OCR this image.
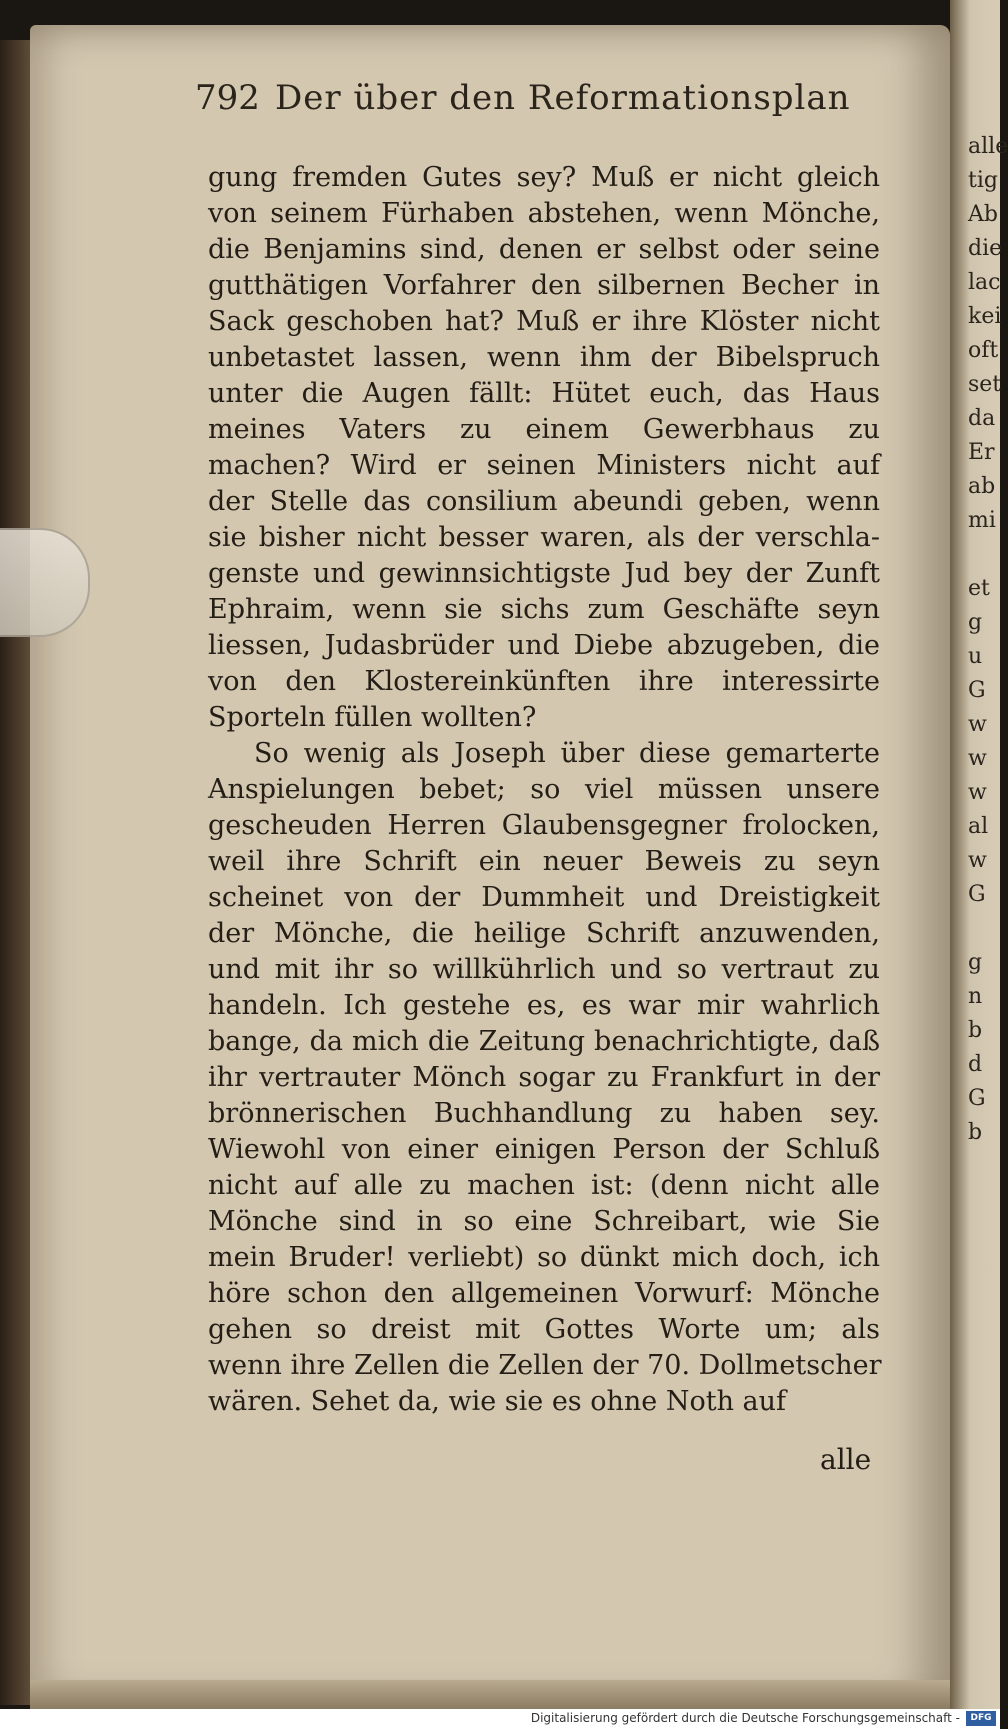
alle
tig
Ab
die
lac
kei
oft
set
da
Er
ab
mi

et
g
u
G
w
w
w
al
w
G

g
n
b
d
G
b
792 Der über den Reformationsplan
gung fremden Gutes sey? Muß er nicht gleich
von seinem Fürhaben abstehen, wenn Mönche,
die Benjamins sind, denen er selbst oder seine
gutthätigen Vorfahrer den silbernen Becher in
Sack geschoben hat? Muß er ihre Klöster nicht
unbetastet lassen, wenn ihm der Bibelspruch
unter die Augen fällt: Hütet euch, das Haus
meines Vaters zu einem Gewerbhaus zu
machen? Wird er seinen Ministers nicht auf
der Stelle das consilium abeundi geben, wenn
sie bisher nicht besser waren, als der verschla-
genste und gewinnsichtigste Jud bey der Zunft
Ephraim, wenn sie sichs zum Geschäfte seyn
liessen, Judasbrüder und Diebe abzugeben, die
von den Klostereinkünften ihre interessirte
Sporteln füllen wollten?
So wenig als Joseph über diese gemarterte
Anspielungen bebet; so viel müssen unsere
gescheuden Herren Glaubensgegner frolocken,
weil ihre Schrift ein neuer Beweis zu seyn
scheinet von der Dummheit und Dreistigkeit
der Mönche, die heilige Schrift anzuwenden,
und mit ihr so willkührlich und so vertraut zu
handeln. Ich gestehe es, es war mir wahrlich
bange, da mich die Zeitung benachrichtigte, daß
ihr vertrauter Mönch sogar zu Frankfurt in der
brönnerischen Buchhandlung zu haben sey.
Wiewohl von einer einigen Person der Schluß
nicht auf alle zu machen ist: (denn nicht alle
Mönche sind in so eine Schreibart, wie Sie
mein Bruder! verliebt) so dünkt mich doch, ich
höre schon den allgemeinen Vorwurf: Mönche
gehen so dreist mit Gottes Worte um; als
wenn ihre Zellen die Zellen der 70. Dollmetscher
wären. Sehet da, wie sie es ohne Noth auf
alle
Digitalisierung gefördert durch die Deutsche Forschungsgemeinschaft -	DFG
